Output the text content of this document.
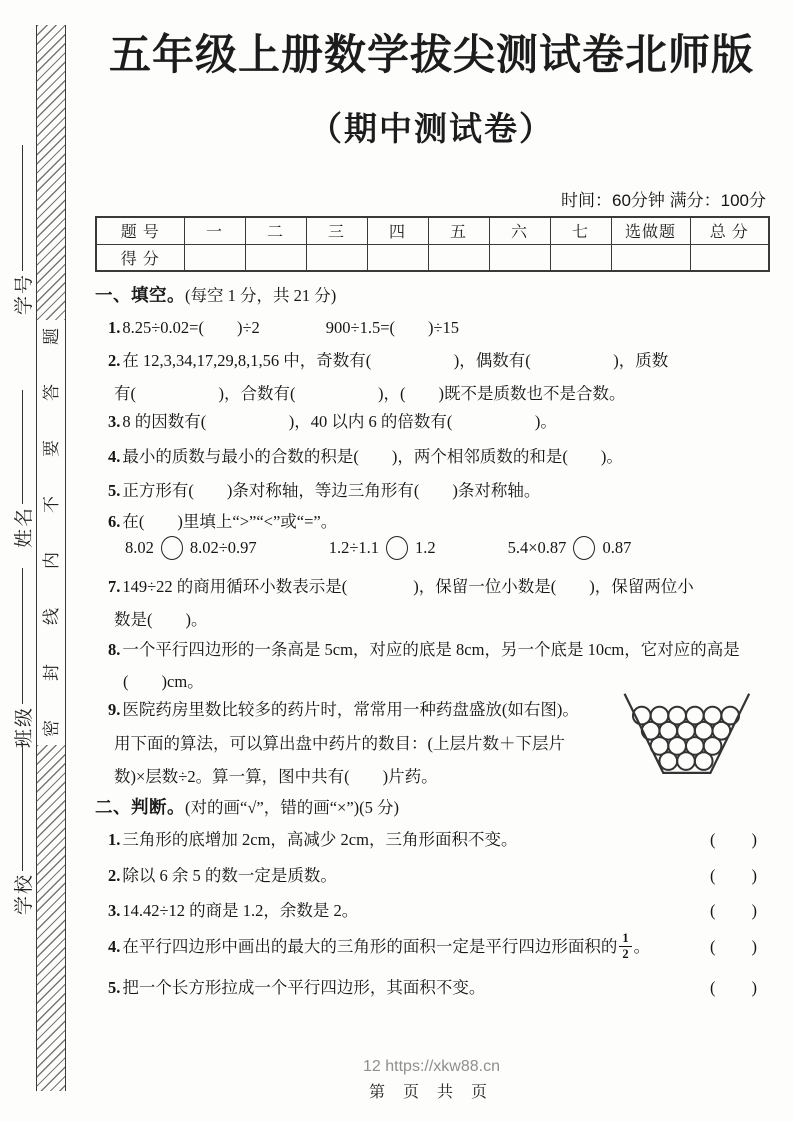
学号
姓名
班级
学校
题
答
要
不
内
线
封
密
五年级上册数学拔尖测试卷北师版
（期中测试卷）
时间：60分钟 满分：100分
题 号	一	二	三	四	五	六	七	选做题	总 分
得 分									
一、填空。(每空 1 分，共 21 分)
1. 8.25÷0.02=(　　)÷2　　　　900÷1.5=(　　)÷15
2. 在 12,3,34,17,29,8,1,56 中，奇数有(　　　　　)，偶数有(　　　　　)，质数
有(　　　　　)，合数有(　　　　　)，(　　)既不是质数也不是合数。
3. 8 的因数有(　　　　　)，40 以内 6 的倍数有(　　　　　)。
4. 最小的质数与最小的合数的积是(　　)，两个相邻质数的和是(　　)。
5. 正方形有(　　)条对称轴，等边三角形有(　　)条对称轴。
6. 在(　　)里填上“>”“<”或“=”。
8.02 8.02÷0.97	1.2÷1.1 1.2	5.4×0.87 0.87
7. 149÷22 的商用循环小数表示是(　　　　)，保留一位小数是(　　)，保留两位小
数是(　　)。
8. 一个平行四边形的一条高是 5cm，对应的底是 8cm，另一个底是 10cm，它对应的高是
(　　)cm。
9. 医院药房里数比较多的药片时，常常用一种药盘盛放(如右图)。
用下面的算法，可以算出盘中药片的数目：(上层片数＋下层片
数)×层数÷2。算一算，图中共有(　　)片药。
二、判断。(对的画“√”，错的画“×”)(5 分)
1. 三角形的底增加 2cm，高减少 2cm，三角形面积不变。	(　　)
2. 除以 6 余 5 的数一定是质数。	(　　)
3. 14.42÷12 的商是 1.2，余数是 2。	(　　)
4. 在平行四边形中画出的最大的三角形的面积一定是平行四边形面积的 $\frac{1}{2}$ 。	(　　)
5. 把一个长方形拉成一个平行四边形，其面积不变。	(　　)
12 https://xkw88.cn
第 页 共 页
